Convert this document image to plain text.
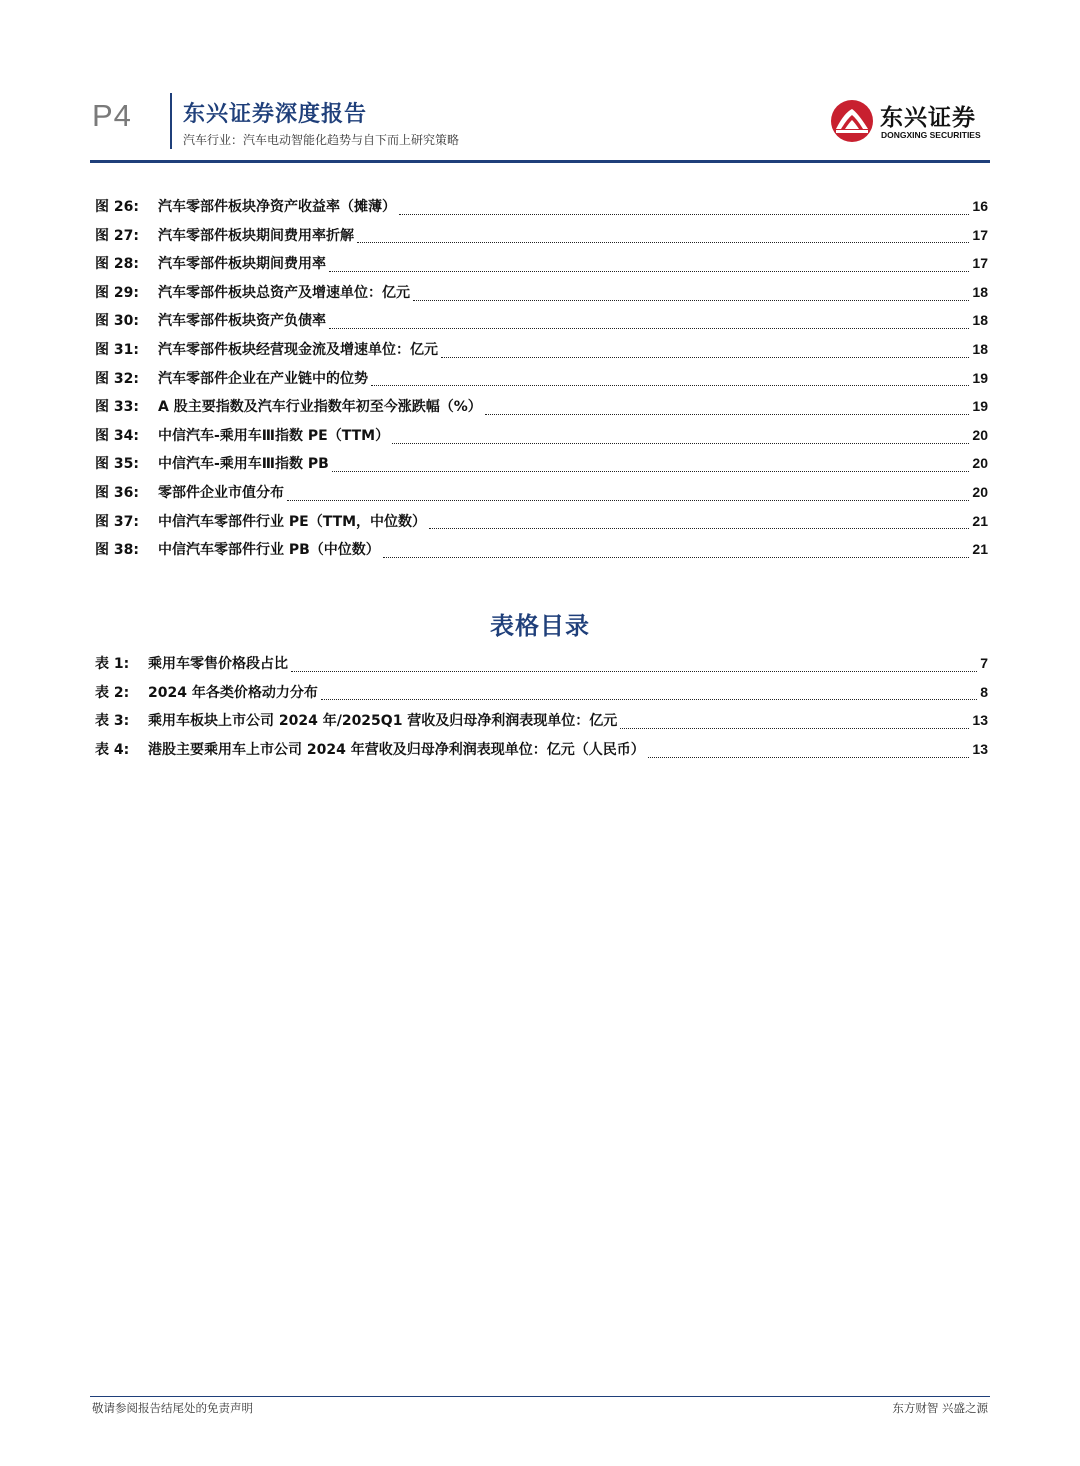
P4 东兴证券深度报告
汽车行业：汽车电动智能化趋势与自下而上研究策略
东兴证券
DONGXING SECURITIES
图 26:	汽车零部件板块净资产收益率（摊薄）	16
图 27:	汽车零部件板块期间费用率折解	17
图 28:	汽车零部件板块期间费用率	17
图 29:	汽车零部件板块总资产及增速单位：亿元	18
图 30:	汽车零部件板块资产负债率	18
图 31:	汽车零部件板块经营现金流及增速单位：亿元	18
图 32:	汽车零部件企业在产业链中的位势	19
图 33:	A 股主要指数及汽车行业指数年初至今涨跌幅（%）	19
图 34:	中信汽车-乘用车Ⅲ指数 PE（TTM）	20
图 35:	中信汽车-乘用车Ⅲ指数 PB	20
图 36:	零部件企业市值分布	20
图 37:	中信汽车零部件行业 PE（TTM，中位数）	21
图 38:	中信汽车零部件行业 PB（中位数）	21
表格目录
表 1:	乘用车零售价格段占比	7
表 2:	2024 年各类价格动力分布	8
表 3:	乘用车板块上市公司 2024 年/2025Q1 营收及归母净利润表现单位：亿元	13
表 4:	港股主要乘用车上市公司 2024 年营收及归母净利润表现单位：亿元（人民币）	13
敬请参阅报告结尾处的免责声明	东方财智 兴盛之源
